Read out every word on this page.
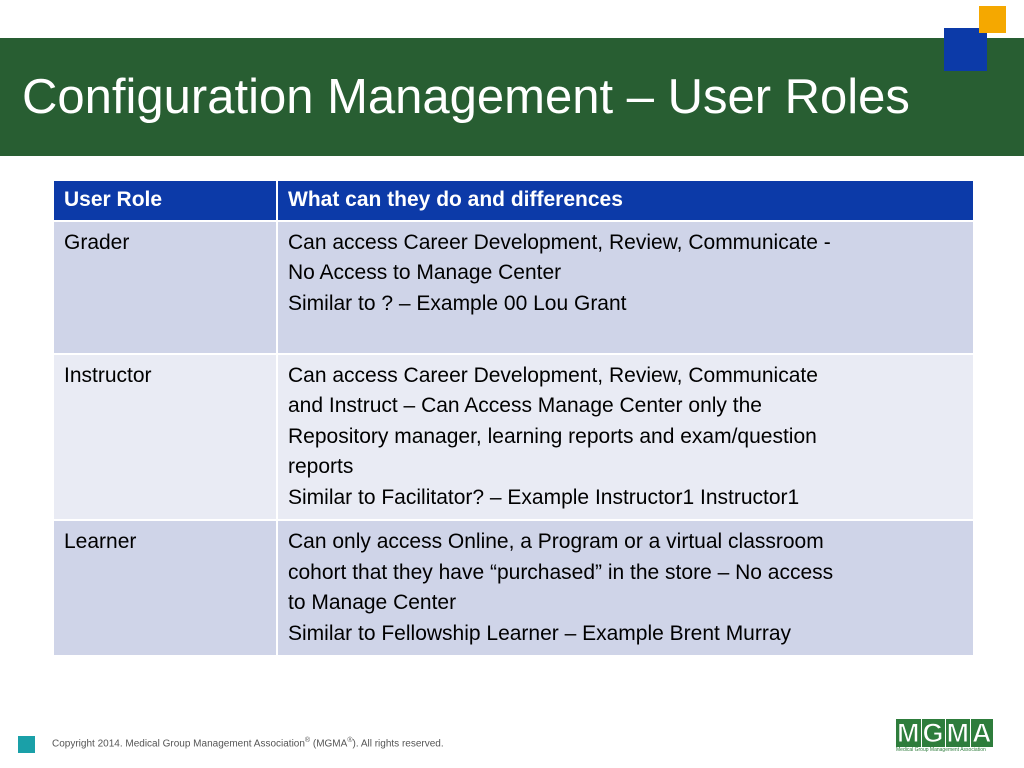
Configuration Management – User Roles
User Role	What can they do and differences
Grader	Can access Career Development, Review, Communicate -
No Access to Manage Center
Similar to ? – Example 00 Lou Grant

Instructor	Can access Career Development, Review, Communicate
and Instruct – Can Access Manage Center only the
Repository manager, learning reports and exam/question
reports
Similar to Facilitator? – Example Instructor1 Instructor1

Learner	Can only access Online, a Program or a virtual classroom
cohort that they have “purchased” in the store – No access
to Manage Center
Similar to Fellowship Learner – Example Brent Murray
Copyright 2014. Medical Group Management Association® (MGMA®). All rights reserved.	M G M A
Medical Group Management Association
